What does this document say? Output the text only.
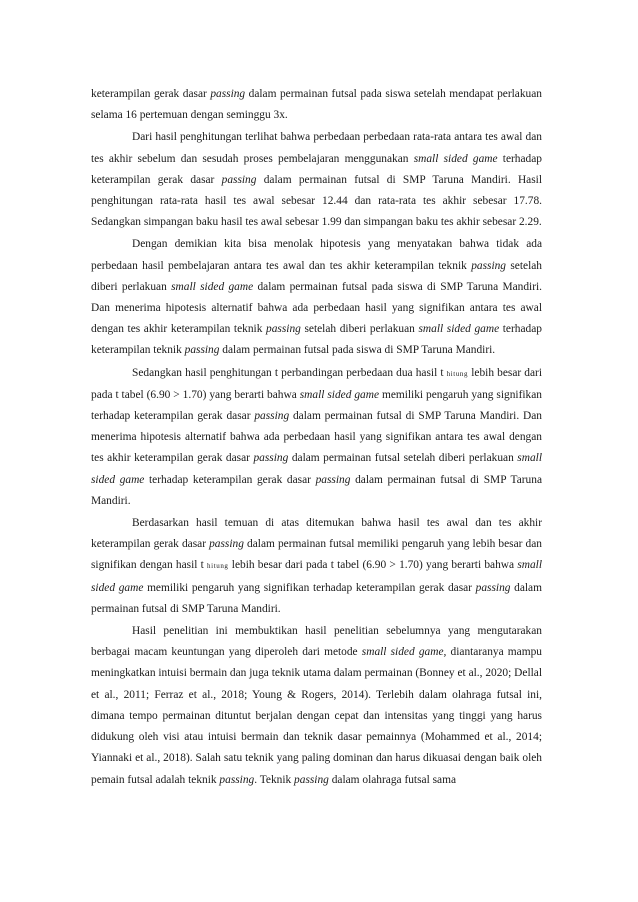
keterampilan gerak dasar passing dalam permainan futsal pada siswa setelah mendapat perlakuan selama 16 pertemuan dengan seminggu 3x.

Dari hasil penghitungan terlihat bahwa perbedaan perbedaan rata-rata antara tes awal dan tes akhir sebelum dan sesudah proses pembelajaran menggunakan small sided game terhadap keterampilan gerak dasar passing dalam permainan futsal di SMP Taruna Mandiri. Hasil penghitungan rata-rata hasil tes awal sebesar 12.44 dan rata-rata tes akhir sebesar 17.78. Sedangkan simpangan baku hasil tes awal sebesar 1.99 dan simpangan baku tes akhir sebesar 2.29.

Dengan demikian kita bisa menolak hipotesis yang menyatakan bahwa tidak ada perbedaan hasil pembelajaran antara tes awal dan tes akhir keterampilan teknik passing setelah diberi perlakuan small sided game dalam permainan futsal pada siswa di SMP Taruna Mandiri. Dan menerima hipotesis alternatif bahwa ada perbedaan hasil yang signifikan antara tes awal dengan tes akhir keterampilan teknik passing setelah diberi perlakuan small sided game terhadap keterampilan teknik passing dalam permainan futsal pada siswa di SMP Taruna Mandiri.

Sedangkan hasil penghitungan t perbandingan perbedaan dua hasil t hitung lebih besar dari pada t tabel (6.90 > 1.70) yang berarti bahwa small sided game memiliki pengaruh yang signifikan terhadap keterampilan gerak dasar passing dalam permainan futsal di SMP Taruna Mandiri. Dan menerima hipotesis alternatif bahwa ada perbedaan hasil yang signifikan antara tes awal dengan tes akhir keterampilan gerak dasar passing dalam permainan futsal setelah diberi perlakuan small sided game terhadap keterampilan gerak dasar passing dalam permainan futsal di SMP Taruna Mandiri.

Berdasarkan hasil temuan di atas ditemukan bahwa hasil tes awal dan tes akhir keterampilan gerak dasar passing dalam permainan futsal memiliki pengaruh yang lebih besar dan signifikan dengan hasil t hitung lebih besar dari pada t tabel (6.90 > 1.70) yang berarti bahwa small sided game memiliki pengaruh yang signifikan terhadap keterampilan gerak dasar passing dalam permainan futsal di SMP Taruna Mandiri.

Hasil penelitian ini membuktikan hasil penelitian sebelumnya yang mengutarakan berbagai macam keuntungan yang diperoleh dari metode small sided game, diantaranya mampu meningkatkan intuisi bermain dan juga teknik utama dalam permainan (Bonney et al., 2020; Dellal et al., 2011; Ferraz et al., 2018; Young & Rogers, 2014). Terlebih dalam olahraga futsal ini, dimana tempo permainan dituntut berjalan dengan cepat dan intensitas yang tinggi yang harus didukung oleh visi atau intuisi bermain dan teknik dasar pemainnya (Mohammed et al., 2014; Yiannaki et al., 2018). Salah satu teknik yang paling dominan dan harus dikuasai dengan baik oleh pemain futsal adalah teknik passing. Teknik passing dalam olahraga futsal sama
